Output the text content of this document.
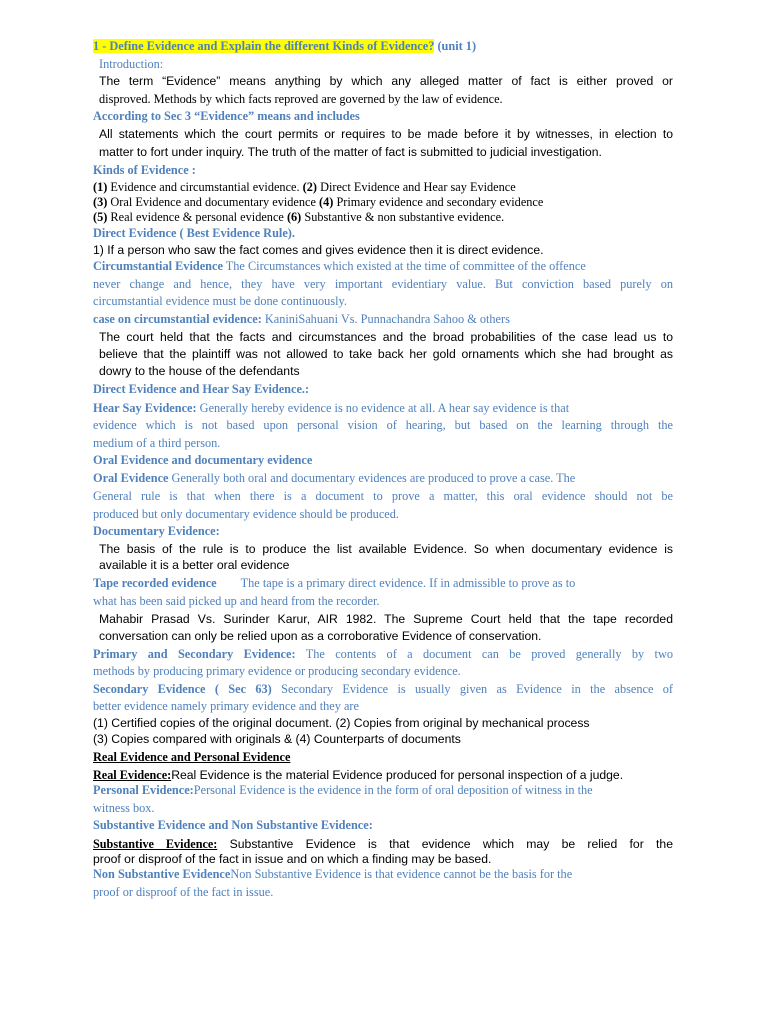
1 - Define Evidence and Explain the different Kinds of Evidence? (unit 1)

Introduction:

The term “Evidence” means anything by which any alleged matter of fact is either proved or

disproved. Methods by which facts reproved are governed by the law of evidence.

According to Sec 3 “Evidence” means and includes

All statements which the court permits or requires to be made before it by witnesses, in election to

matter to fort under inquiry. The truth of the matter of fact is submitted to judicial investigation.

Kinds of Evidence :

(1) Evidence and circumstantial evidence. (2) Direct Evidence and Hear say Evidence

(3) Oral Evidence and documentary evidence (4) Primary evidence and secondary evidence

(5) Real evidence & personal evidence (6) Substantive & non substantive evidence.

Direct Evidence ( Best Evidence Rule).

1) If a person who saw the fact comes and gives evidence then it is direct evidence.

Circumstantial Evidence The Circumstances which existed at the time of committee of the offence

never change and hence, they have very important evidentiary value. But conviction based purely on

circumstantial evidence must be done continuously.

case on circumstantial evidence: KaniniSahuani Vs. Punnachandra Sahoo & others

The court held that the facts and circumstances and the broad probabilities of the case lead us to

believe that the plaintiff was not allowed to take back her gold ornaments which she had brought as

dowry to the house of the defendants

Direct Evidence and Hear Say Evidence.:

Hear Say Evidence: Generally hereby evidence is no evidence at all. A hear say evidence is that

evidence which is not based upon personal vision of hearing, but based on the learning through the

medium of a third person.

Oral Evidence and documentary evidence

Oral Evidence Generally both oral and documentary evidences are produced to prove a case. The

General rule is that when there is a document to prove a matter, this oral evidence should not be

produced but only documentary evidence should be produced.

Documentary Evidence:

The basis of the rule is to produce the list available Evidence. So when documentary evidence is

available it is a better oral evidence

Tape recorded evidence The tape is a primary direct evidence. If in admissible to prove as to

what has been said picked up and heard from the recorder.

Mahabir Prasad Vs. Surinder Karur, AIR 1982. The Supreme Court held that the tape recorded

conversation can only be relied upon as a corroborative Evidence of conservation.

Primary and Secondary Evidence: The contents of a document can be proved generally by two

methods by producing primary evidence or producing secondary evidence.

Secondary Evidence ( Sec 63) Secondary Evidence is usually given as Evidence in the absence of

better evidence namely primary evidence and they are

(1) Certified copies of the original document. (2) Copies from original by mechanical process

(3) Copies compared with originals & (4) Counterparts of documents

Real Evidence and Personal Evidence

Real Evidence:Real Evidence is the material Evidence produced for personal inspection of a judge.

Personal Evidence:Personal Evidence is the evidence in the form of oral deposition of witness in the

witness box.

Substantive Evidence and Non Substantive Evidence:

Substantive Evidence: Substantive Evidence is that evidence which may be relied for the

proof or disproof of the fact in issue and on which a finding may be based.

Non Substantive EvidenceNon Substantive Evidence is that evidence cannot be the basis for the

proof or disproof of the fact in issue.
